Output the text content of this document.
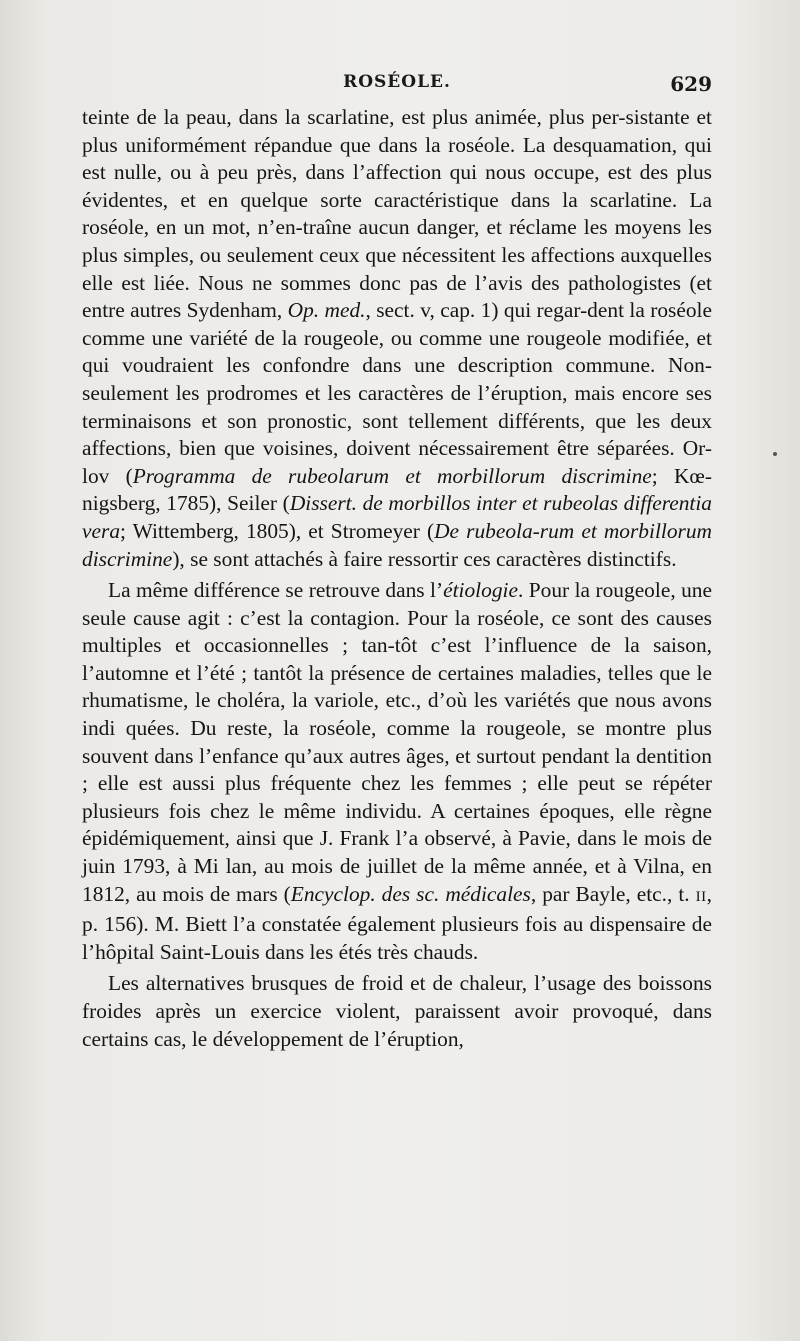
ROSÉOLE.	629

teinte de la peau, dans la scarlatine, est plus animée, plus per-sistante et plus uniformément répandue que dans la roséole. La desquamation, qui est nulle, ou à peu près, dans l’affection qui nous occupe, est des plus évidentes, et en quelque sorte caractéristique dans la scarlatine. La roséole, en un mot, n’en-traîne aucun danger, et réclame les moyens les plus simples, ou seulement ceux que nécessitent les affections auxquelles elle est liée. Nous ne sommes donc pas de l’avis des pathologistes (et entre autres Sydenham, Op. med., sect. v, cap. 1) qui regar-dent la roséole comme une variété de la rougeole, ou comme une rougeole modifiée, et qui voudraient les confondre dans une description commune. Non-seulement les prodromes et les caractères de l’éruption, mais encore ses terminaisons et son pronostic, sont tellement différents, que les deux affections, bien que voisines, doivent nécessairement être séparées. Or-lov (Programma de rubeolarum et morbillorum discrimine; Kœ-nigsberg, 1785), Seiler (Dissert. de morbillos inter et rubeolas differentia vera; Wittemberg, 1805), et Stromeyer (De rubeola-rum et morbillorum discrimine), se sont attachés à faire ressortir ces caractères distinctifs.

La même différence se retrouve dans l’étiologie. Pour la rougeole, une seule cause agit : c’est la contagion. Pour la roséole, ce sont des causes multiples et occasionnelles ; tan-tôt c’est l’influence de la saison, l’automne et l’été ; tantôt la présence de certaines maladies, telles que le rhumatisme, le choléra, la variole, etc., d’où les variétés que nous avons indi quées. Du reste, la roséole, comme la rougeole, se montre plus souvent dans l’enfance qu’aux autres âges, et surtout pendant la dentition ; elle est aussi plus fréquente chez les femmes ; elle peut se répéter plusieurs fois chez le même individu. A certaines époques, elle règne épidémiquement, ainsi que J. Frank l’a observé, à Pavie, dans le mois de juin 1793, à Mi lan, au mois de juillet de la même année, et à Vilna, en 1812, au mois de mars (Encyclop. des sc. médicales, par Bayle, etc., t. II, p. 156). M. Biett l’a constatée également plusieurs fois au dispensaire de l’hôpital Saint-Louis dans les étés très chauds.

Les alternatives brusques de froid et de chaleur, l’usage des boissons froides après un exercice violent, paraissent avoir provoqué, dans certains cas, le développement de l’éruption,
